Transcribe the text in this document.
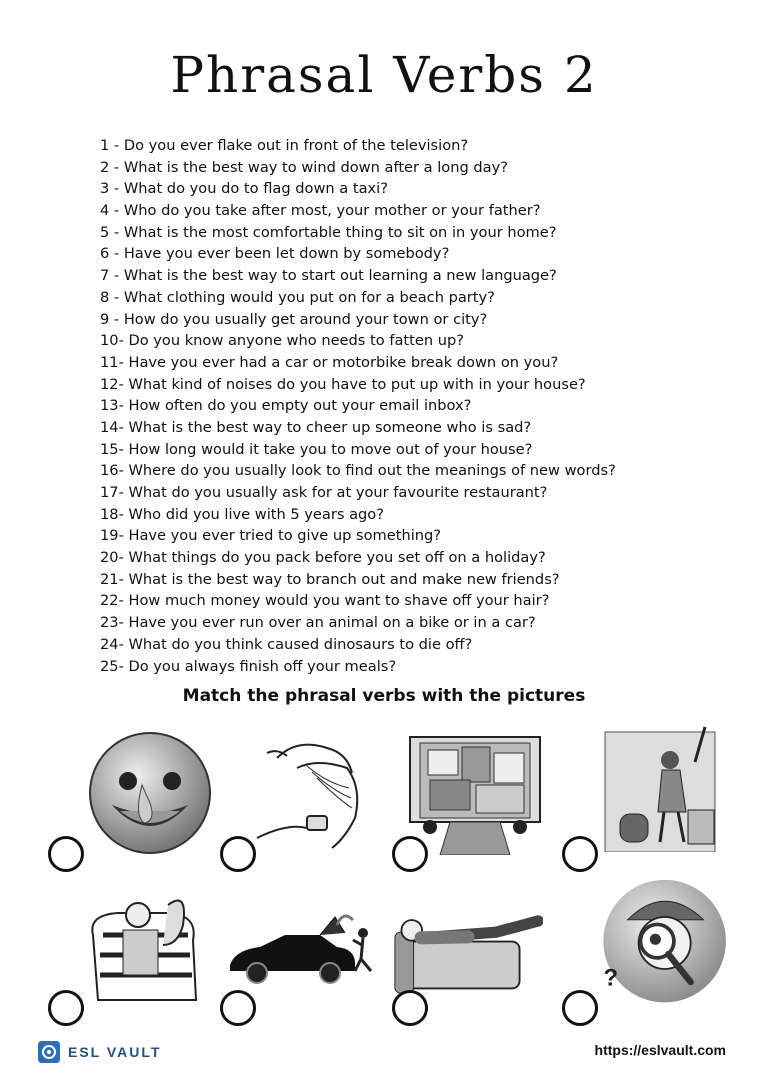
Phrasal Verbs 2
1 - Do you ever flake out in front of the television?
2 - What is the best way to wind down after a long day?
3 - What do you do to flag down a taxi?
4 - Who do you take after most, your mother or your father?
5 - What is the most comfortable thing to sit on in your home?
6 - Have you ever been let down by somebody?
7 - What is the best way to start out learning a new language?
8 - What clothing would you put on for a beach party?
9 - How do you usually get around your town or city?
10- Do you know anyone who needs to fatten up?
11- Have you ever had a car or motorbike break down on you?
12- What kind of noises do you have to put up with in your house?
13- How often do you empty out your email inbox?
14- What is the best way to cheer up someone who is sad?
15- How long would it take you to move out of your house?
16- Where do you usually look to find out the meanings of new words?
17- What do you usually ask for at your favourite restaurant?
18- Who did you live with 5 years ago?
19- Have you ever tried to give up something?
20- What things do you pack before you set off on a holiday?
21- What is the best way to branch out and make new friends?
22- How much money would you want to shave off your hair?
23- Have you ever run over an animal on a bike or in a car?
24- What do you think caused dinosaurs to die off?
25- Do you always finish off your meals?
Match the phrasal verbs with the pictures
?
ESL VAULT	https://eslvault.com
